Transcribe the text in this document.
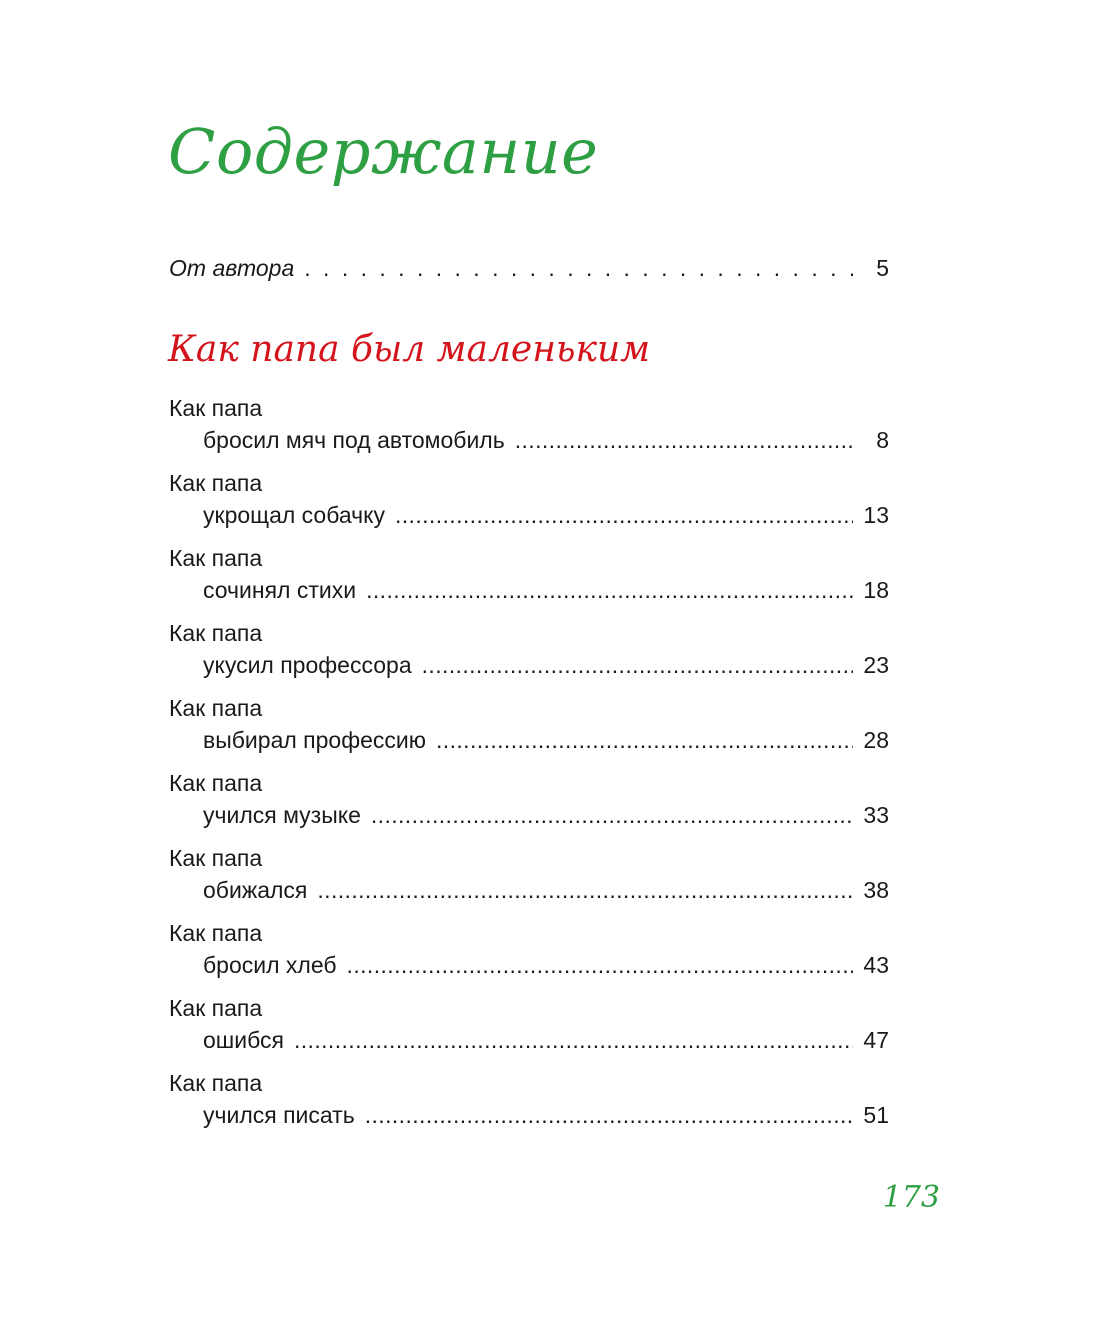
Содержание
От автора . . .	5
Как папа был маленьким
Как папа
бросил мяч под автомобиль .....	8
Как папа
укрощал собачку .....	13
Как папа
сочинял стихи .....	18
Как папа
укусил профессора .....	23
Как папа
выбирал профессию .....	28
Как папа
учился музыке .....	33
Как папа
обижался .....	38
Как папа
бросил хлеб .....	43
Как папа
ошибся .....	47
Как папа
учился писать .....	51
173
